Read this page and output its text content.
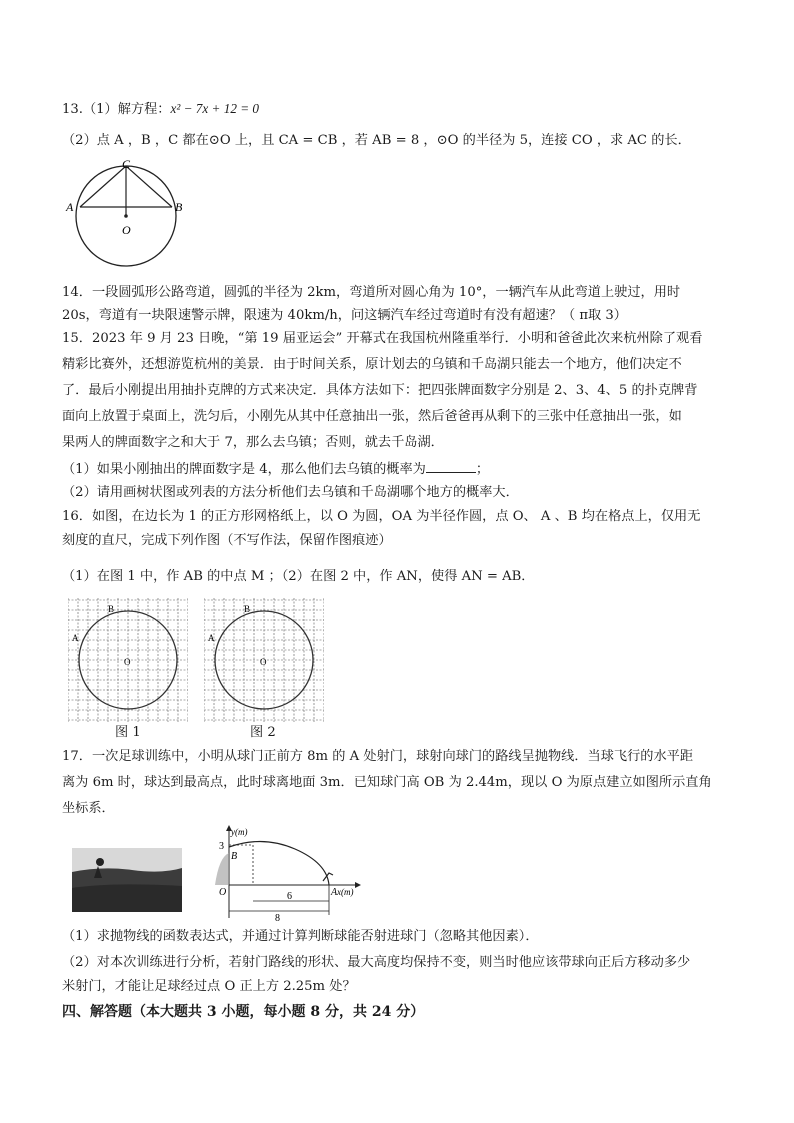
13.（1）解方程：x² − 7x + 12 = 0
（2）点 A ，B ，C 都在⊙O 上，且 CA = CB ，若 AB = 8 ，⊙O 的半径为 5，连接 CO ，求 AC 的长．
C
A	B
O
14．一段圆弧形公路弯道，圆弧的半径为 2km，弯道所对圆心角为 10°，一辆汽车从此弯道上驶过，用时
20s，弯道有一块限速警示牌，限速为 40km/h，问这辆汽车经过弯道时有没有超速？（ π取 3）
15．2023 年 9 月 23 日晚，“第 19 届亚运会” 开幕式在我国杭州隆重举行．小明和爸爸此次来杭州除了观看
精彩比赛外，还想游览杭州的美景．由于时间关系，原计划去的乌镇和千岛湖只能去一个地方，他们决定不
了．最后小刚提出用抽扑克牌的方式来决定．具体方法如下：把四张牌面数字分别是 2、3、4、5 的扑克牌背
面向上放置于桌面上，洗匀后，小刚先从其中任意抽出一张，然后爸爸再从剩下的三张中任意抽出一张，如
果两人的牌面数字之和大于 7，那么去乌镇；否则，就去千岛湖．
（1）如果小刚抽出的牌面数字是 4，那么他们去乌镇的概率为	；
（2）请用画树状图或列表的方法分析他们去乌镇和千岛湖哪个地方的概率大．
16．如图，在边长为 1 的正方形网格纸上，以 O 为圆，OA 为半径作圆，点 O、 A 、B 均在格点上，仅用无
刻度的直尺，完成下列作图（不写作法，保留作图痕迹）
（1）在图 1 中，作 AB 的中点 M ；（2）在图 2 中，作 AN，使得 AN = AB．
O
A
B
图 1
O
A
B
图 2
17．一次足球训练中，小明从球门正前方 8m 的 A 处射门，球射向球门的路线呈抛物线．当球飞行的水平距
离为 6m 时，球达到最高点，此时球离地面 3m．已知球门高 OB 为 2.44m，现以 O 为原点建立如图所示直角
坐标系．
y(m)
x(m)
3
B
O	A
6
8
（1）求抛物线的函数表达式，并通过计算判断球能否射进球门（忽略其他因素）．
（2）对本次训练进行分析，若射门路线的形状、最大高度均保持不变，则当时他应该带球向正后方移动多少
米射门，才能让足球经过点 O 正上方 2.25m 处？
四、解答题（本大题共 3 小题，每小题 8 分，共 24 分）
